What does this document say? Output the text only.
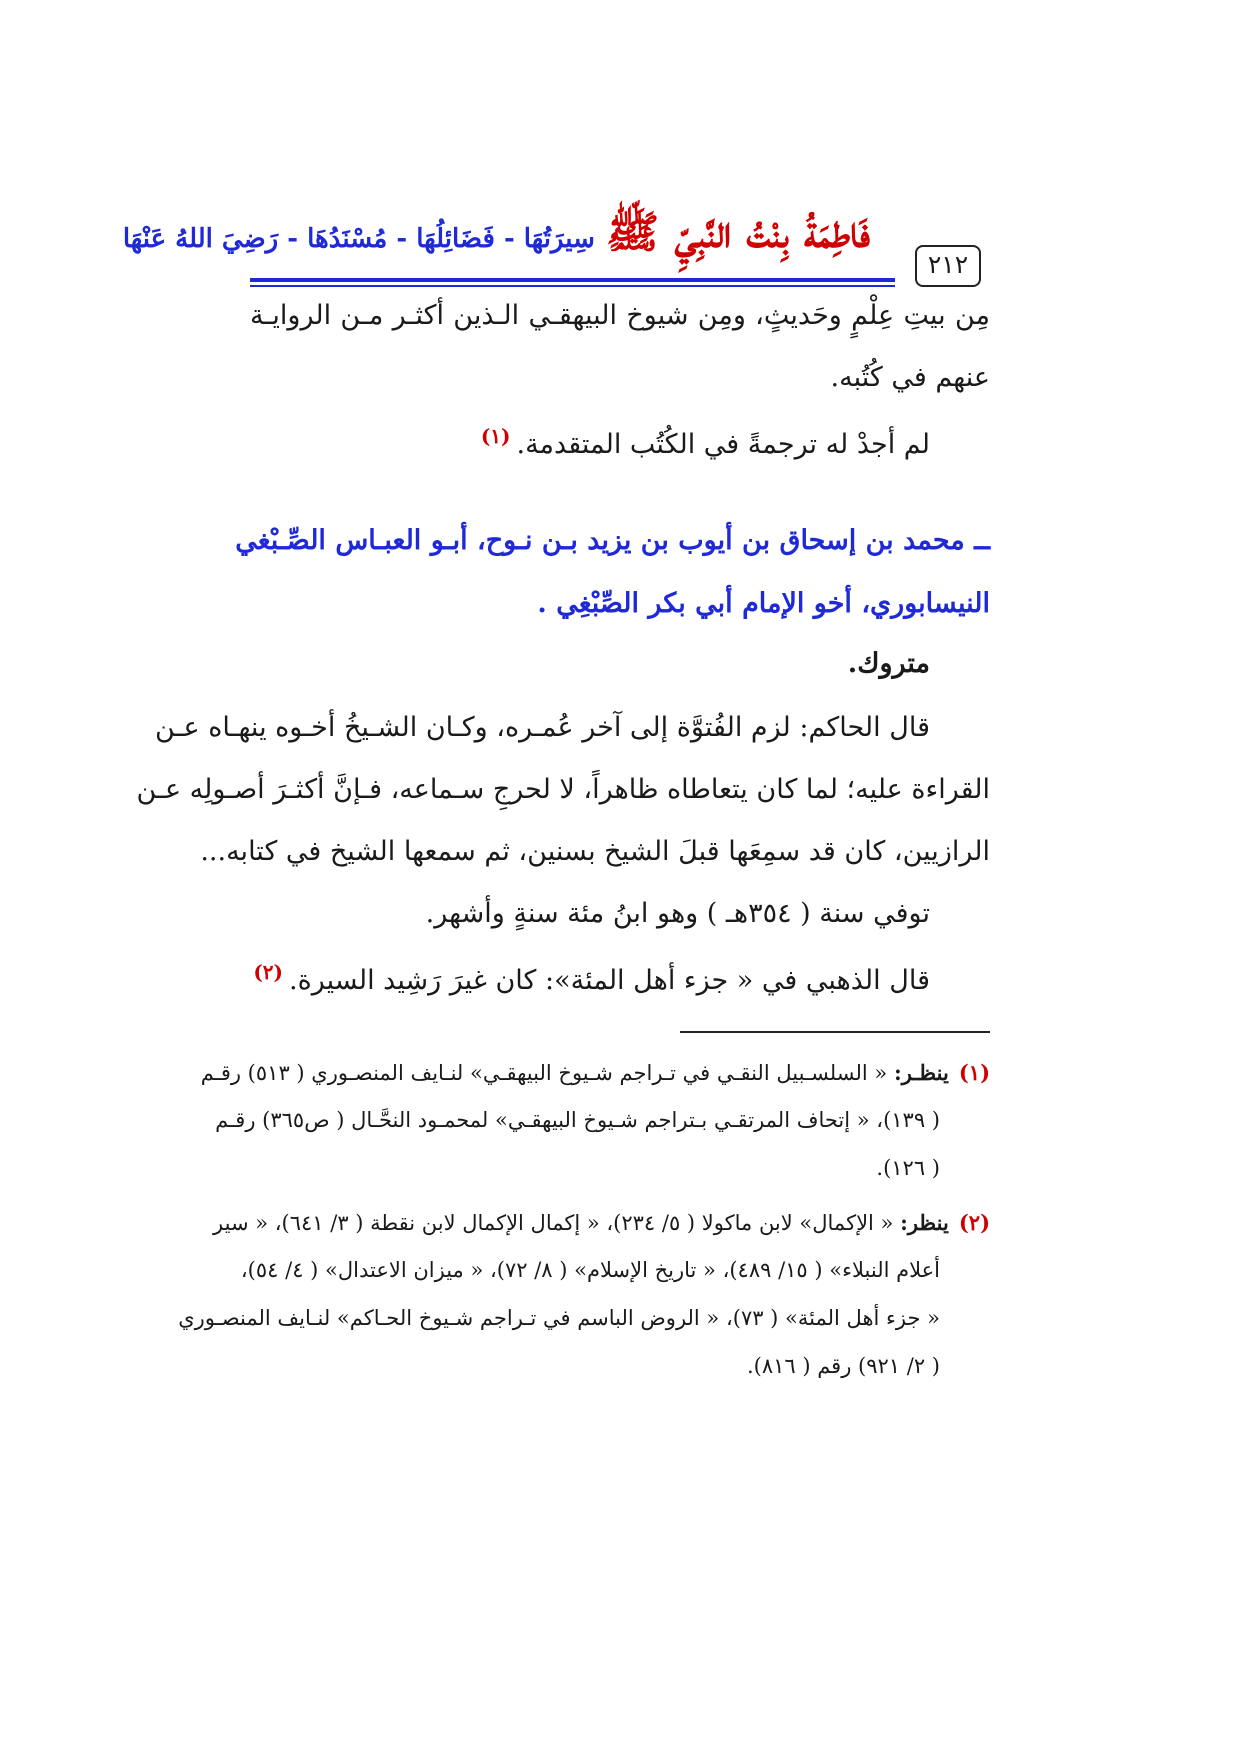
فَاطِمَةُ بِنْتُ النَّبِيِّ ﷺ سِيرَتُهَا - فَضَائِلُهَا - مُسْنَدُهَا - رَضِيَ اللهُ عَنْهَا
٢١٢
مِن بيتِ عِلْمٍ وحَديثٍ، ومِن شيوخ البيهقـي الـذين أكثـر مـن الروايـة
عنهم في كُتُبه.
لم أجدْ له ترجمةً في الكُتُب المتقدمة.$^{(١)}$
ــ محمد بن إسحاق بن أيوب بن يزيد بـن نـوح، أبـو العبـاس الصِّـبْغي
النيسابوري، أخو الإمام أبي بكر الصِّبْغِي .
متروك.
قال الحاكم: لزم الفُتوَّة إلى آخر عُمـره، وكـان الشـيخُ أخـوه ينهـاه عـن
القراءة عليه؛ لما كان يتعاطاه ظاهراً، لا لحرجِ سـماعه، فـإنَّ أكثـرَ أصـولِه عـن
الرازيين، كان قد سمِعَها قبلَ الشيخ بسنين، ثم سمعها الشيخ في كتابه...
توفي سنة ( ٣٥٤هـ ) وهو ابنُ مئة سنةٍ وأشهر.
قال الذهبي في « جزء أهل المئة»: كان غيرَ رَشِيد السيرة.$^{(٢)}$
(١)ينظـر: « السلسـبيل النقـي في تـراجم شـيوخ البيهقـي» لنـايف المنصـوري ( ٥١٣) رقـم
( ١٣٩)، « إتحاف المرتقـي بـتراجم شـيوخ البيهقـي» لمحمـود النحَّـال ( ص٣٦٥) رقـم
( ١٢٦).
(٢)ينظر: « الإكمال» لابن ماكولا ( ٥/ ٢٣٤)، « إكمال الإكمال لابن نقطة ( ٣/ ٦٤١)، « سير
أعلام النبلاء» ( ١٥/ ٤٨٩)، « تاريخ الإسلام» ( ٨/ ٧٢)، « ميزان الاعتدال» ( ٤/ ٥٤)،
« جزء أهل المئة» ( ٧٣)، « الروض الباسم في تـراجم شـيوخ الحـاكم» لنـايف المنصـوري
( ٢/ ٩٢١) رقم ( ٨١٦).
